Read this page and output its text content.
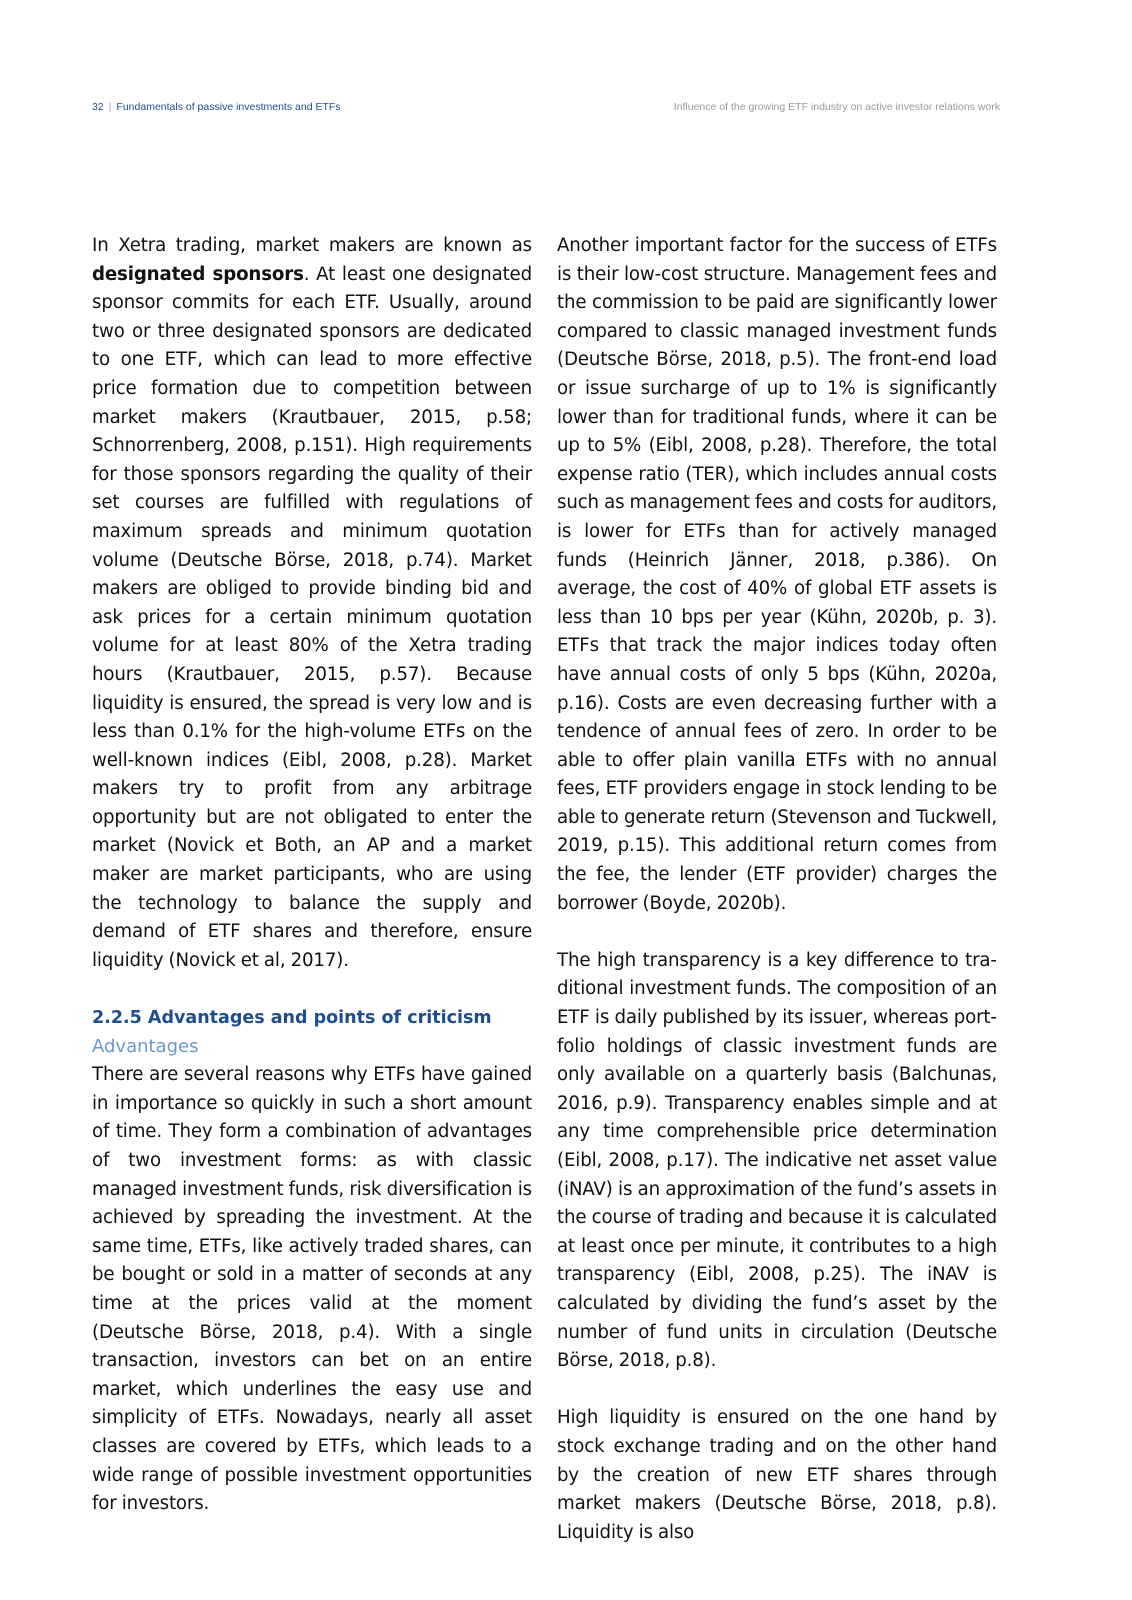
32 | Fundamentals of passive investments and ETFs	Influence of the growing ETF industry on active investor relations work

In Xetra trading, market makers are known as designated sponsors. At least one designated sponsor commits for each ETF. Usually, around two or three designated sponsors are dedicated to one ETF, which can lead to more effective price formation due to competition between market makers (Krautbauer, 2015, p.58; Schnorrenberg, 2008, p.151). High requirements for those sponsors regarding the quality of their set courses are fulfilled with regulations of maximum spreads and minimum quotation volume (Deutsche Börse, 2018, p.74). Market makers are obliged to provide binding bid and ask prices for a certain minimum quotation volume for at least 80% of the Xetra trading hours (Krautbauer, 2015, p.57). Because liquidity is ensured, the spread is very low and is less than 0.1% for the high-volume ETFs on the well-known indices (Eibl, 2008, p.28). Market makers try to profit from any arbitrage opportunity but are not obligated to enter the market (Novick et Both, an AP and a market maker are market participants, who are using the technology to balance the supply and demand of ETF shares and therefore, ensure liquidity (Novick et al, 2017).

2.2.5 Advantages and points of criticism
Advantages

There are several reasons why ETFs have gained in importance so quickly in such a short amount of time. They form a combination of advantages of two investment forms: as with classic managed investment funds, risk diversification is achieved by spreading the investment. At the same time, ETFs, like actively traded shares, can be bought or sold in a matter of seconds at any time at the prices valid at the moment (Deutsche Börse, 2018, p.4). With a single transaction, investors can bet on an entire market, which underlines the easy use and simplicity of ETFs. Nowadays, nearly all asset classes are covered by ETFs, which leads to a wide range of possible investment opportunities for investors.

Another important factor for the success of ETFs is their low-cost structure. Management fees and the commission to be paid are significantly lower compared to classic managed investment funds (Deutsche Börse, 2018, p.5). The front-end load or issue surcharge of up to 1% is significantly lower than for traditional funds, where it can be up to 5% (Eibl, 2008, p.28). Therefore, the total expense ratio (TER), which includes annual costs such as management fees and costs for auditors, is lower for ETFs than for actively managed funds (Heinrich Jänner, 2018, p.386). On average, the cost of 40% of global ETF assets is less than 10 bps per year (Kühn, 2020b, p. 3). ETFs that track the major indices today often have annual costs of only 5 bps (Kühn, 2020a, p.16). Costs are even decreasing further with a tendence of annual fees of zero. In order to be able to offer plain vanilla ETFs with no annual fees, ETF providers engage in stock lending to be able to generate return (Stevenson and Tuckwell, 2019, p.15). This additional return comes from the fee, the lender (ETF provider) charges the borrower (Boyde, 2020b).

The high transparency is a key difference to traditional investment funds. The composition of an ETF is daily published by its issuer, whereas portfolio holdings of classic investment funds are only available on a quarterly basis (Balchunas, 2016, p.9). Transparency enables simple and at any time comprehensible price determination (Eibl, 2008, p.17). The indicative net asset value (iNAV) is an approximation of the fund’s assets in the course of trading and because it is calculated at least once per minute, it contributes to a high transparency (Eibl, 2008, p.25). The iNAV is calculated by dividing the fund’s asset by the number of fund units in circulation (Deutsche Börse, 2018, p.8).

High liquidity is ensured on the one hand by stock exchange trading and on the other hand by the creation of new ETF shares through market makers (Deutsche Börse, 2018, p.8). Liquidity is also
